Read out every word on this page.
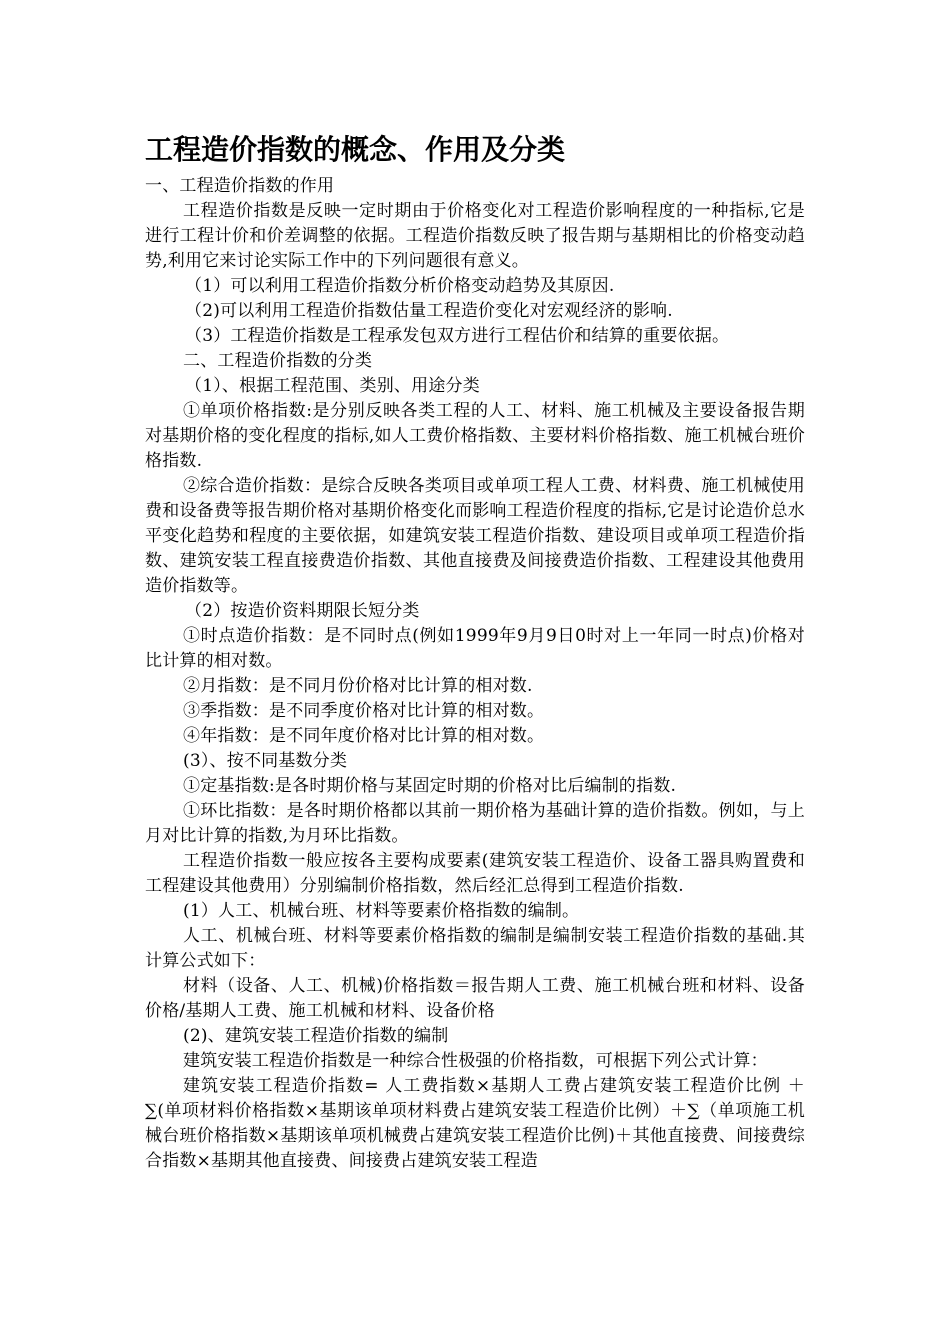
工程造价指数的概念、作用及分类

一、工程造价指数的作用

工程造价指数是反映一定时期由于价格变化对工程造价影响程度的一种指标,它是进行工程计价和价差调整的依据。工程造价指数反映了报告期与基期相比的价格变动趋势,利用它来讨论实际工作中的下列问题很有意义。

（1）可以利用工程造价指数分析价格变动趋势及其原因.

（2)可以利用工程造价指数估量工程造价变化对宏观经济的影响.

（3）工程造价指数是工程承发包双方进行工程估价和结算的重要依据。

二、工程造价指数的分类

（1）、根据工程范围、类别、用途分类

①单项价格指数:是分别反映各类工程的人工、材料、施工机械及主要设备报告期对基期价格的变化程度的指标,如人工费价格指数、主要材料价格指数、施工机械台班价格指数.

②综合造价指数：是综合反映各类项目或单项工程人工费、材料费、施工机械使用费和设备费等报告期价格对基期价格变化而影响工程造价程度的指标,它是讨论造价总水平变化趋势和程度的主要依据，如建筑安装工程造价指数、建设项目或单项工程造价指数、建筑安装工程直接费造价指数、其他直接费及间接费造价指数、工程建设其他费用造价指数等。

（2）按造价资料期限长短分类

①时点造价指数：是不同时点(例如1999年9月9日0时对上一年同一时点)价格对比计算的相对数。

②月指数：是不同月份价格对比计算的相对数.

③季指数：是不同季度价格对比计算的相对数。

④年指数：是不同年度价格对比计算的相对数。

(3）、按不同基数分类

①定基指数:是各时期价格与某固定时期的价格对比后编制的指数.

①环比指数：是各时期价格都以其前一期价格为基础计算的造价指数。例如，与上月对比计算的指数,为月环比指数。

工程造价指数一般应按各主要构成要素(建筑安装工程造价、设备工器具购置费和工程建设其他费用）分别编制价格指数，然后经汇总得到工程造价指数.

(1）人工、机械台班、材料等要素价格指数的编制。

人工、机械台班、材料等要素价格指数的编制是编制安装工程造价指数的基础.其计算公式如下：

材料（设备、人工、机械)价格指数＝报告期人工费、施工机械台班和材料、设备价格/基期人工费、施工机械和材料、设备价格

(2)、建筑安装工程造价指数的编制

建筑安装工程造价指数是一种综合性极强的价格指数，可根据下列公式计算：

建筑安装工程造价指数= 人工费指数×基期人工费占建筑安装工程造价比例 ＋∑(单项材料价格指数×基期该单项材料费占建筑安装工程造价比例）＋∑（单项施工机械台班价格指数×基期该单项机械费占建筑安装工程造价比例)＋其他直接费、间接费综合指数×基期其他直接费、间接费占建筑安装工程造
